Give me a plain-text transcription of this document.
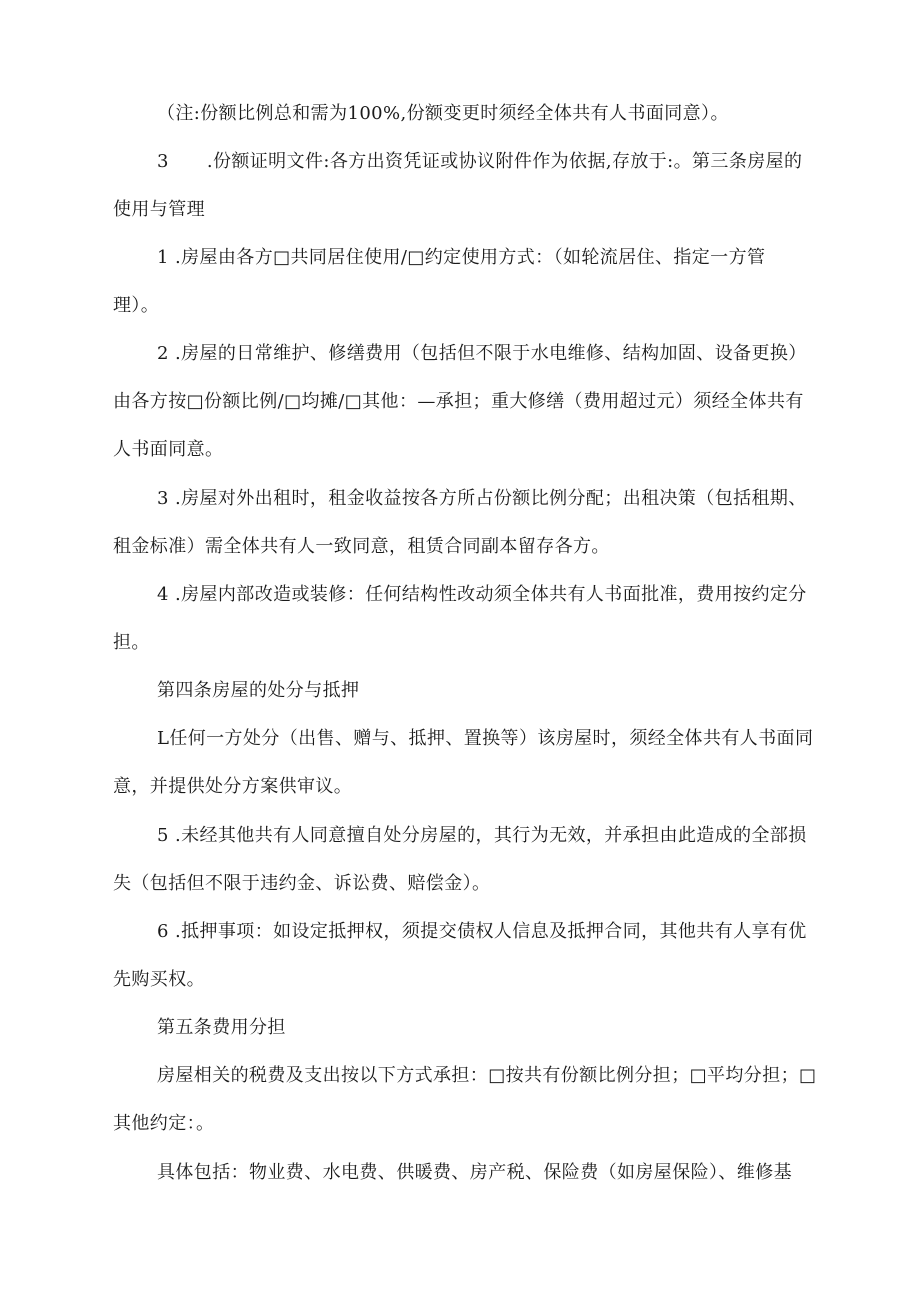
（注:份额比例总和需为100%,份额变更时须经全体共有人书面同意）。
3 .份额证明文件:各方出资凭证或协议附件作为依据,存放于:。第三条房屋的
使用与管理
1 .房屋由各方□共同居住使用/□约定使用方式：（如轮流居住、指定一方管
理）。
2 .房屋的日常维护、修缮费用（包括但不限于水电维修、结构加固、设备更换）
由各方按□份额比例/□均摊/□其他：—承担；重大修缮（费用超过元）须经全体共有
人书面同意。
3 .房屋对外出租时，租金收益按各方所占份额比例分配；出租决策（包括租期、
租金标准）需全体共有人一致同意，租赁合同副本留存各方。
4 .房屋内部改造或装修：任何结构性改动须全体共有人书面批准，费用按约定分
担。
第四条房屋的处分与抵押
L任何一方处分（出售、赠与、抵押、置换等）该房屋时，须经全体共有人书面同
意，并提供处分方案供审议。
5 .未经其他共有人同意擅自处分房屋的，其行为无效，并承担由此造成的全部损
失（包括但不限于违约金、诉讼费、赔偿金）。
6 .抵押事项：如设定抵押权，须提交债权人信息及抵押合同，其他共有人享有优
先购买权。
第五条费用分担
房屋相关的税费及支出按以下方式承担：□按共有份额比例分担；□平均分担；□
其他约定：。
具体包括：物业费、水电费、供暖费、房产税、保险费（如房屋保险）、维修基
